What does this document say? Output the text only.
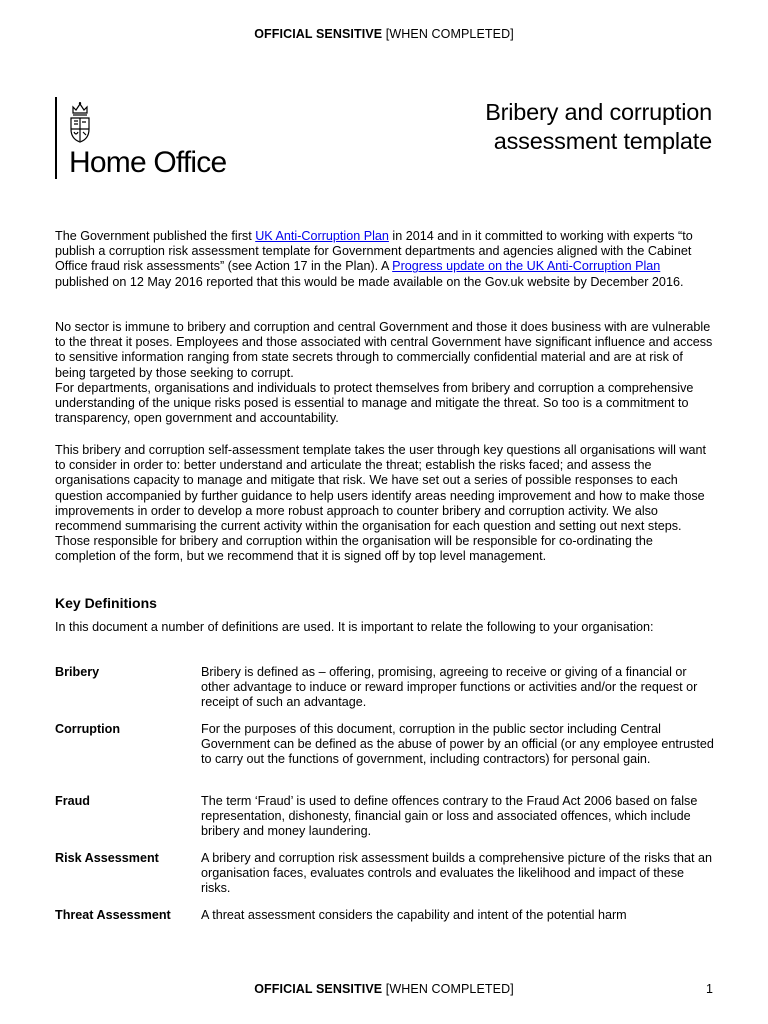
OFFICIAL SENSITIVE [WHEN COMPLETED]
Home Office
Bribery and corruption
assessment template
The Government published the first UK Anti-Corruption Plan in 2014 and in it committed to working with experts “to publish a corruption risk assessment template for Government departments and agencies aligned with the Cabinet Office fraud risk assessments” (see Action 17 in the Plan). A Progress update on the UK Anti-Corruption Plan published on 12 May 2016 reported that this would be made available on the Gov.uk website by December 2016.
No sector is immune to bribery and corruption and central Government and those it does business with are vulnerable to the threat it poses. Employees and those associated with central Government have significant influence and access to sensitive information ranging from state secrets through to commercially confidential material and are at risk of being targeted by those seeking to corrupt.
For departments, organisations and individuals to protect themselves from bribery and corruption a comprehensive understanding of the unique risks posed is essential to manage and mitigate the threat. So too is a commitment to transparency, open government and accountability.
This bribery and corruption self-assessment template takes the user through key questions all organisations will want to consider in order to: better understand and articulate the threat; establish the risks faced; and assess the organisations capacity to manage and mitigate that risk. We have set out a series of possible responses to each question accompanied by further guidance to help users identify areas needing improvement and how to make those improvements in order to develop a more robust approach to counter bribery and corruption activity. We also recommend summarising the current activity within the organisation for each question and setting out next steps. Those responsible for bribery and corruption within the organisation will be responsible for co-ordinating the completion of the form, but we recommend that it is signed off by top level management.
Key Definitions
In this document a number of definitions are used. It is important to relate the following to your organisation:
Bribery	Bribery is defined as – offering, promising, agreeing to receive or giving of a financial or other advantage to induce or reward improper functions or activities and/or the request or receipt of such an advantage.
Corruption	For the purposes of this document, corruption in the public sector including Central Government can be defined as the abuse of power by an official (or any employee entrusted to carry out the functions of government, including contractors) for personal gain.
Fraud	The term ‘Fraud’ is used to define offences contrary to the Fraud Act 2006 based on false representation, dishonesty, financial gain or loss and associated offences, which include bribery and money laundering.
Risk Assessment	A bribery and corruption risk assessment builds a comprehensive picture of the risks that an organisation faces, evaluates controls and evaluates the likelihood and impact of these risks.
Threat Assessment	A threat assessment considers the capability and intent of the potential harm
OFFICIAL SENSITIVE [WHEN COMPLETED]	1
